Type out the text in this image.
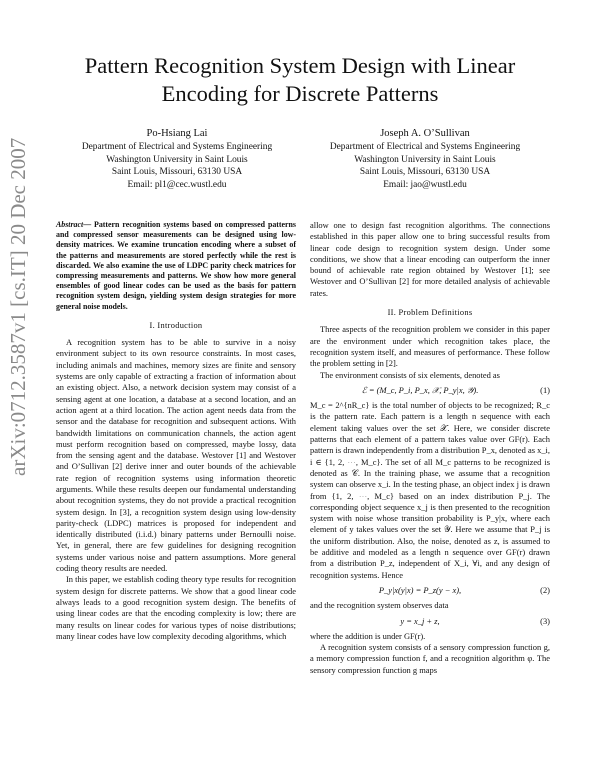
arXiv:0712.3587v1 [cs.IT] 20 Dec 2007
Pattern Recognition System Design with Linear
Encoding for Discrete Patterns
Po-Hsiang Lai
Department of Electrical and Systems Engineering
Washington University in Saint Louis
Saint Louis, Missouri, 63130 USA
Email: pl1@cec.wustl.edu
Joseph A. O’Sullivan
Department of Electrical and Systems Engineering
Washington University in Saint Louis
Saint Louis, Missouri, 63130 USA
Email: jao@wustl.edu

Abstract— Pattern recognition systems based on compressed patterns and compressed sensor measurements can be designed using low-density matrices. We examine truncation encoding where a subset of the patterns and measurements are stored perfectly while the rest is discarded. We also examine the use of LDPC parity check matrices for compressing measurements and patterns. We show how more general ensembles of good linear codes can be used as the basis for pattern recognition system design, yielding system design strategies for more general noise models.

I. Introduction

A recognition system has to be able to survive in a noisy environment subject to its own resource constraints. In most cases, including animals and machines, memory sizes are finite and sensory systems are only capable of extracting a fraction of information about an existing object. Also, a network decision system may consist of a sensing agent at one location, a database at a second location, and an action agent at a third location. The action agent needs data from the sensor and the database for recognition and subsequent actions. With bandwidth limitations on communication channels, the action agent must perform recognition based on compressed, maybe lossy, data from the sensing agent and the database. Westover [1] and Westover and O’Sullivan [2] derive inner and outer bounds of the achievable rate region of recognition systems using information theoretic arguments. While these results deepen our fundamental understanding about recognition systems, they do not provide a practical recognition system design. In [3], a recognition system design using low-density parity-check (LDPC) matrices is proposed for independent and identically distributed (i.i.d.) binary patterns under Bernoulli noise. Yet, in general, there are few guidelines for designing recognition systems under various noise and pattern assumptions. More general coding theory results are needed.

In this paper, we establish coding theory type results for recognition system design for discrete patterns. We show that a good linear code always leads to a good recognition system design. The benefits of using linear codes are that the encoding complexity is low; there are many results on linear codes for various types of noise distributions; many linear codes have low complexity decoding algorithms, which

allow one to design fast recognition algorithms. The connections established in this paper allow one to bring successful results from linear code design to recognition system design. Under some conditions, we show that a linear encoding can outperform the inner bound of achievable rate region obtained by Westover [1]; see Westover and O’Sullivan [2] for more detailed analysis of achievable rates.

II. Problem Definitions

Three aspects of the recognition problem we consider in this paper are the environment under which recognition takes place, the recognition system itself, and measures of performance. These follow the problem setting in [2].

The environment consists of six elements, denoted as

ℰ = (M_c, P_i, P_x, 𝒳, P_y|x, 𝒴).	(1)

M_c = 2^{nR_c} is the total number of objects to be recognized; R_c is the pattern rate. Each pattern is a length n sequence with each element taking values over the set 𝒳. Here, we consider discrete patterns that each element of a pattern takes value over GF(r). Each pattern is drawn independently from a distribution P_x, denoted as x_i, i ∈ {1, 2, ⋯, M_c}. The set of all M_c patterns to be recognized is denoted as 𝒞. In the training phase, we assume that a recognition system can observe x_i. In the testing phase, an object index j is drawn from {1, 2, ⋯, M_c} based on an index distribution P_j. The corresponding object sequence x_j is then presented to the recognition system with noise whose transition probability is P_y|x, where each element of y takes values over the set 𝒴. Here we assume that P_j is the uniform distribution. Also, the noise, denoted as z, is assumed to be additive and modeled as a length n sequence over GF(r) drawn from a distribution P_z, independent of X_i, ∀i, and any design of recognition systems. Hence

P_y|x(y|x) = P_z(y − x),	(2)

and the recognition system observes data

y = x_j + z,	(3)

where the addition is under GF(r).

A recognition system consists of a sensory compression function g, a memory compression function f, and a recognition algorithm φ. The sensory compression function g maps
